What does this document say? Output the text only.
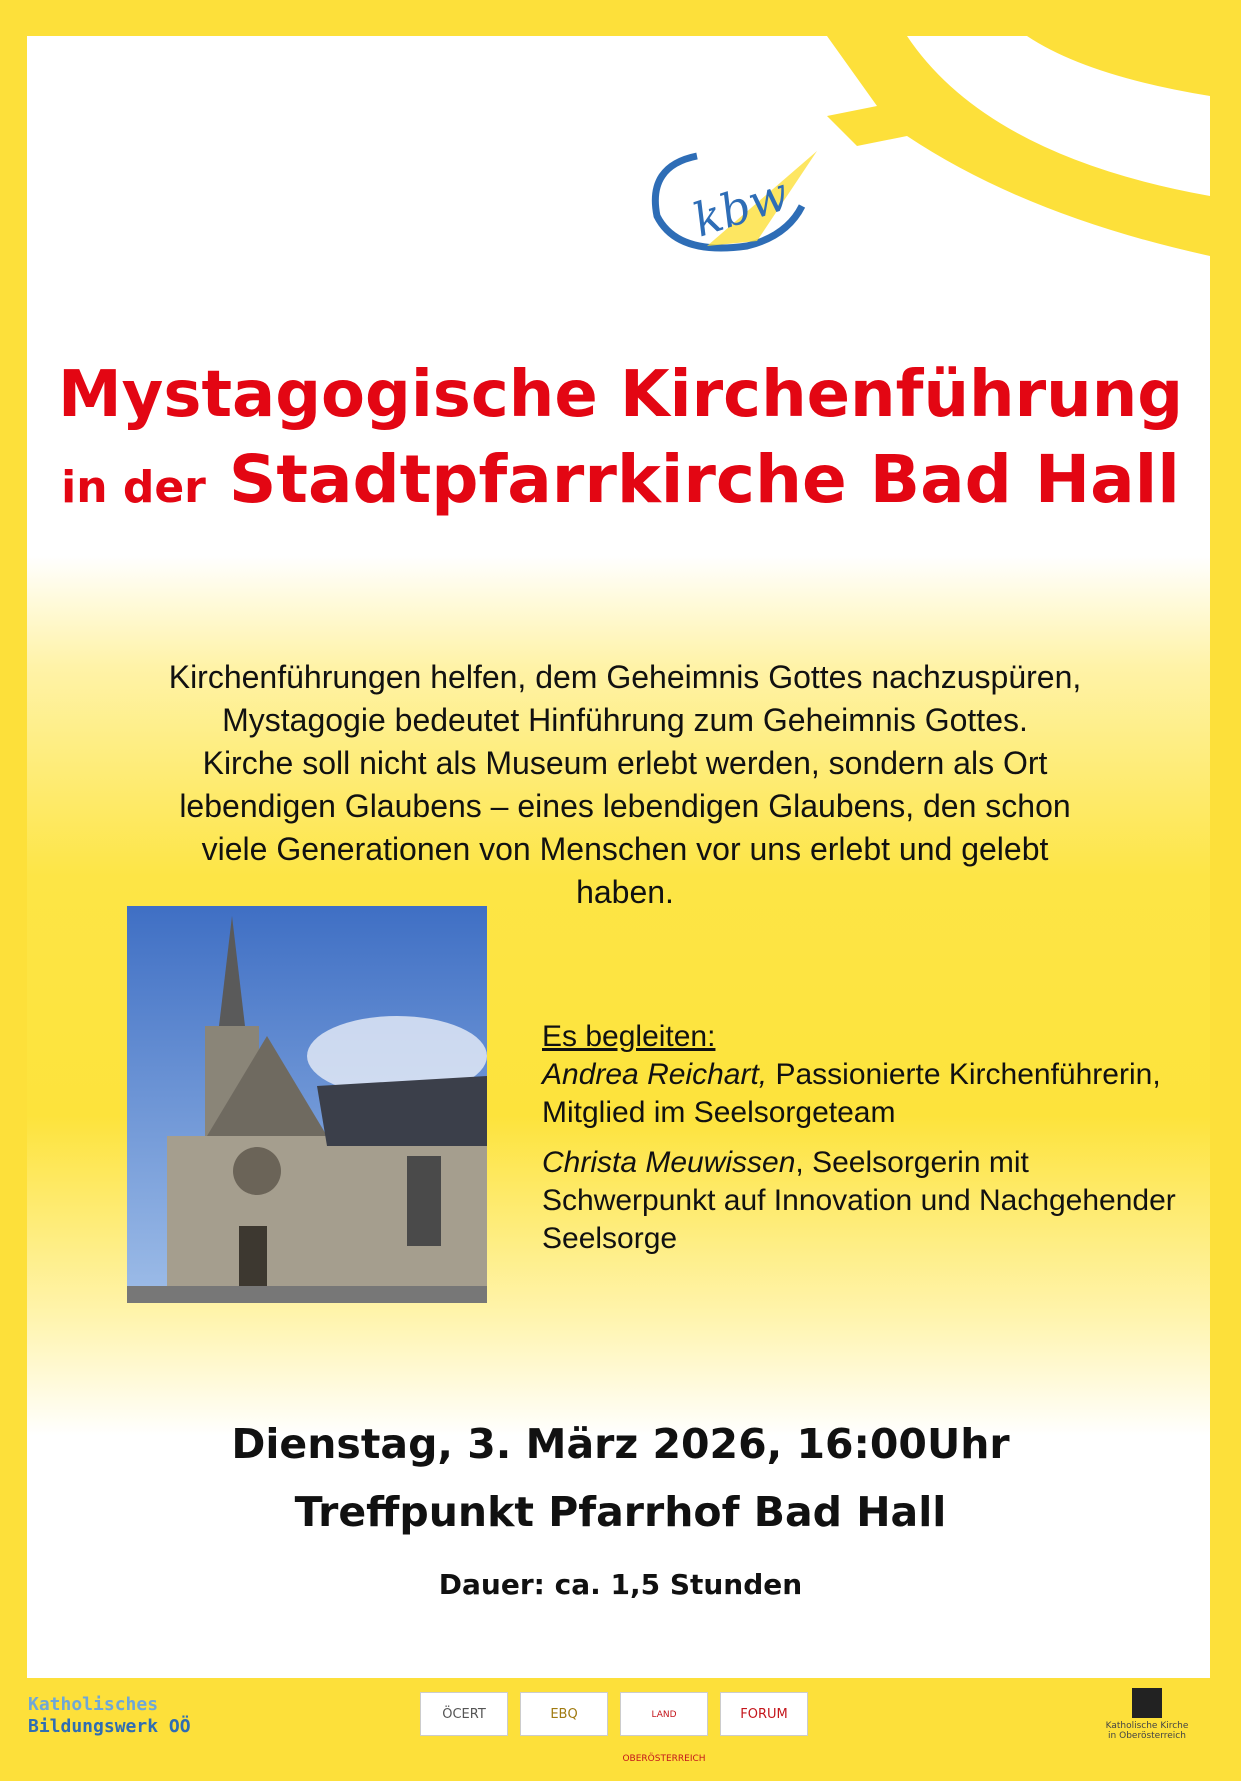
kbw
Mystagogische Kirchenführung
in der Stadtpfarrkirche Bad Hall
Kirchenführungen helfen, dem Geheimnis Gottes nachzuspüren,
Mystagogie bedeutet Hinführung zum Geheimnis Gottes.
Kirche soll nicht als Museum erlebt werden, sondern als Ort
lebendigen Glaubens – eines lebendigen Glaubens, den schon
viele Generationen von Menschen vor uns erlebt und gelebt
haben.
Es begleiten:

Andrea Reichart, Passionierte Kirchenführerin, Mitglied im Seelsorgeteam

Christa Meuwissen, Seelsorgerin mit Schwerpunkt auf Innovation und Nachgehender Seelsorge

Dienstag, 3. März 2026, 16:00Uhr
Treffpunkt Pfarrhof Bad Hall
Dauer: ca. 1,5 Stunden
Katholisches
Bildungswerk OÖ
ÖCERT	EBQ	LAND OBERÖSTERREICH
FORUM
Katholische Kirche
in Oberösterreich
